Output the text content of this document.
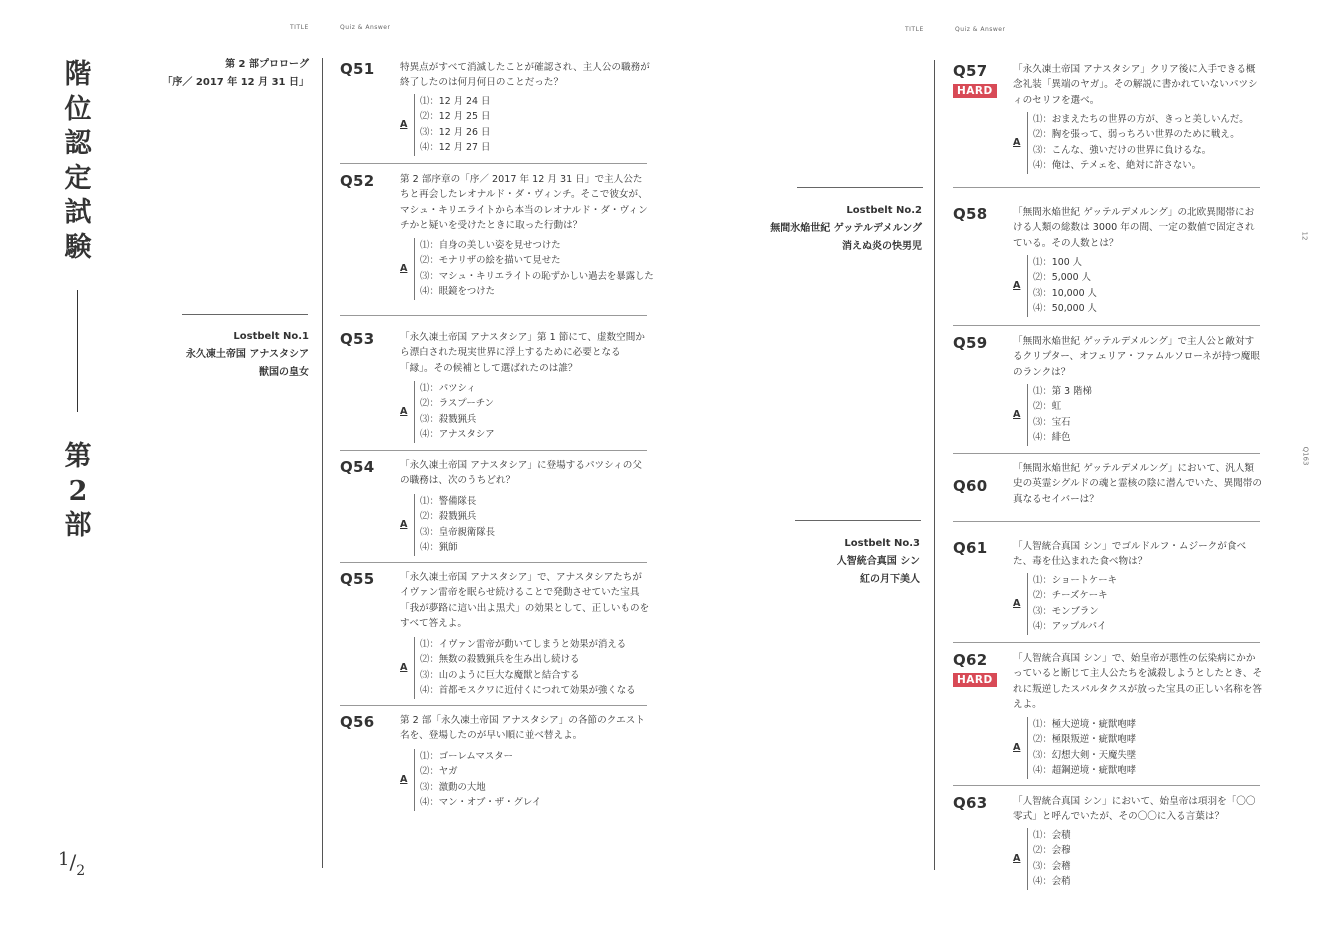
TITLE	Quiz & Answer	TITLE	Quiz & Answer
階
位
認
定
試
験
第
2
部
1/2
第 2 部プロローグ
「序／ 2017 年 12 月 31 日」
Lostbelt No.1
永久凍土帝国 アナスタシア
獣国の皇女
Lostbelt No.2
無間氷焔世紀 ゲッテルデメルング
消えぬ炎の快男児
Lostbelt No.3
人智統合真国 シン
紅の月下美人
Q51	特異点がすべて消滅したことが確認され、主人公の職務が終了したのは何月何日のことだった？
A
⑴：12 月 24 日
⑵：12 月 25 日
⑶：12 月 26 日
⑷：12 月 27 日
Q52	第 2 部序章の「序／ 2017 年 12 月 31 日」で主人公たちと再会したレオナルド・ダ・ヴィンチ。そこで彼女が、マシュ・キリエライトから本当のレオナルド・ダ・ヴィンチかと疑いを受けたときに取った行動は？
A
⑴：自身の美しい姿を見せつけた
⑵：モナリザの絵を描いて見せた
⑶：マシュ・キリエライトの恥ずかしい過去を暴露した
⑷：眼鏡をつけた
Q53	「永久凍土帝国 アナスタシア」第 1 節にて、虚数空間から漂白された現実世界に浮上するために必要となる「縁」。その候補として選ばれたのは誰？
A
⑴：パツシィ
⑵：ラスプーチン
⑶：殺戮猟兵
⑷：アナスタシア
Q54	「永久凍土帝国 アナスタシア」に登場するパツシィの父の職務は、次のうちどれ？
A
⑴：警備隊長
⑵：殺戮猟兵
⑶：皇帝親衛隊長
⑷：猟師
Q55	「永久凍土帝国 アナスタシア」で、アナスタシアたちがイヴァン雷帝を眠らせ続けることで発動させていた宝具「我が夢路に這い出よ黒犬」の効果として、正しいものをすべて答えよ。
A
⑴：イヴァン雷帝が動いてしまうと効果が消える
⑵：無数の殺戮猟兵を生み出し続ける
⑶：山のように巨大な魔獣と結合する
⑷：首都モスクワに近付くにつれて効果が強くなる
Q56	第 2 部「永久凍土帝国 アナスタシア」の各節のクエスト名を、登場したのが早い順に並べ替えよ。
A
⑴：ゴーレムマスター
⑵：ヤガ
⑶：激動の大地
⑷：マン・オブ・ザ・グレイ
Q57
HARD
「永久凍土帝国 アナスタシア」クリア後に入手できる概念礼装「異端のヤガ」。その解説に書かれていないパツシィのセリフを選べ。
A
⑴：おまえたちの世界の方が、きっと美しいんだ。
⑵：胸を張って、弱っちろい世界のために戦え。
⑶：こんな、強いだけの世界に負けるな。
⑷：俺は、テメェを、絶対に許さない。
Q58	「無間氷焔世紀 ゲッテルデメルング」の北欧異聞帯における人類の総数は 3000 年の間、一定の数値で固定されている。その人数とは？
A
⑴：100 人
⑵：5,000 人
⑶：10,000 人
⑷：50,000 人
Q59	「無間氷焔世紀 ゲッテルデメルング」で主人公と敵対するクリプター、オフェリア・ファムルソローネが持つ魔眼のランクは？
A
⑴：第 3 階梯
⑵：虹
⑶：宝石
⑷：緋色
Q60
「無間氷焔世紀 ゲッテルデメルング」において、汎人類史の英霊シグルドの魂と霊核の陰に潜んでいた、異聞帯の真なるセイバーは？
Q61	「人智統合真国 シン」でゴルドルフ・ムジークが食べた、毒を仕込まれた食べ物は？
A
⑴：ショートケーキ
⑵：チーズケーキ
⑶：モンブラン
⑷：アップルパイ
Q62
HARD
「人智統合真国 シン」で、始皇帝が悪性の伝染病にかかっていると断じて主人公たちを滅殺しようとしたとき、それに叛逆したスパルタクスが放った宝具の正しい名称を答えよ。
A
⑴：極大逆境・疵獣咆哮
⑵：極限叛逆・疵獣咆哮
⑶：幻想大剣・天魔失墜
⑷：超鋼逆境・疵獣咆哮
Q63	「人智統合真国 シン」において、始皇帝は項羽を「〇〇零式」と呼んでいたが、その〇〇に入る言葉は？
A
⑴：会積
⑵：会穆
⑶：会稽
⑷：会稍
12
Q163
